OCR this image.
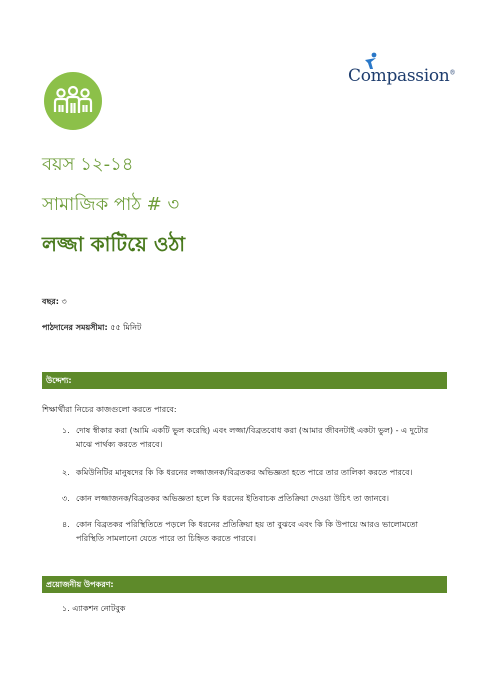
Compassion®
বয়স ১২-১৪
সামাজিক পাঠ # ৩
লজ্জা কাটিয়ে ওঠা
বছর: ৩
পাঠদানের সময়সীমা: ৫৫ মিনিট
উদ্দেশ্য:
শিক্ষার্থীরা নিচের কাজগুলো করতে পারবে:
১. দোষ স্বীকার করা (আমি একটি ভুল করেছি) এবং লজ্জা/বিব্রতবোধ করা (আমার জীবনটাই একটা ভুল) - এ দুটোর মাঝে পার্থক্য করতে পারবে।
২. কমিউনিটির মানুষদের কি কি ধরনের লজ্জাজনক/বিব্রতকর অভিজ্ঞতা হতে পারে তার তালিকা করতে পারবে।
৩. কোন লজ্জাজনক/বিব্রতকর অভিজ্ঞতা হলে কি ধরনের ইতিবাচক প্রতিক্রিয়া দেওয়া উচিৎ তা জানবে।
৪. কোন বিব্রতকর পরিস্থিতিতে পড়লে কি ধরনের প্রতিক্রিয়া হয় তা বুঝবে এবং কি কি উপায়ে আরও ভালোমতো পরিস্থিতি সামলানো যেতে পারে তা চিহ্নিত করতে পারবে।
প্রয়োজনীয় উপকরণ:
১. এ্যাকশন নোটবুক
